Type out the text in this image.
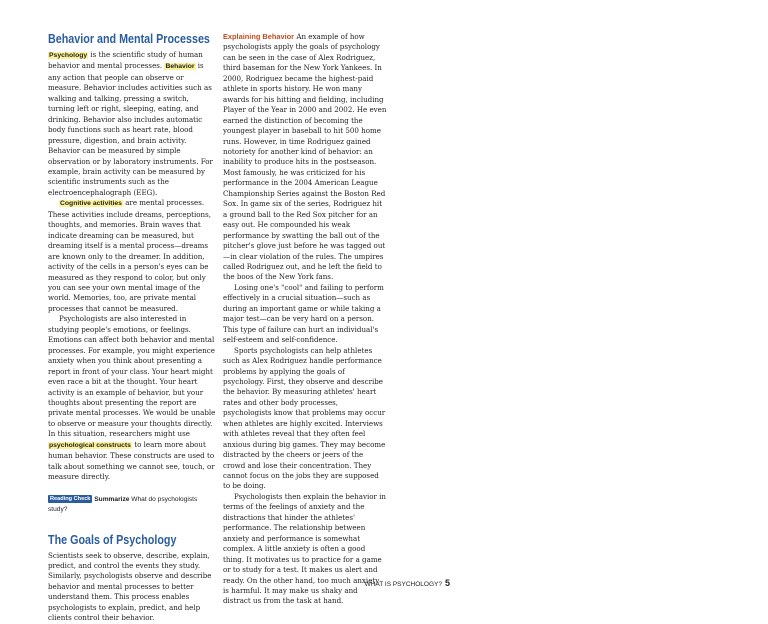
Behavior and Mental Processes

Psychology is the scientific study of human behavior and mental processes. Behavior is any action that people can observe or measure. Behavior includes activities such as walking and talking, pressing a switch, turning left or right, sleeping, eating, and drinking. Behavior also includes automatic body functions such as heart rate, blood pressure, digestion, and brain activity. Behavior can be measured by simple observation or by laboratory instruments. For example, brain activity can be measured by scientific instruments such as the electroencephalograph (EEG).

Cognitive activities are mental processes. These activities include dreams, perceptions, thoughts, and memories. Brain waves that indicate dreaming can be measured, but dreaming itself is a mental process—dreams are known only to the dreamer. In addition, activity of the cells in a person's eyes can be measured as they respond to color, but only you can see your own mental image of the world. Memories, too, are private mental processes that cannot be measured.

Psychologists are also interested in studying people's emotions, or feelings. Emotions can affect both behavior and mental processes. For example, you might experience anxiety when you think about presenting a report in front of your class. Your heart might even race a bit at the thought. Your heart activity is an example of behavior, but your thoughts about presenting the report are private mental processes. We would be unable to observe or measure your thoughts directly. In this situation, researchers might use psychological constructs to learn more about human behavior. These constructs are used to talk about something we cannot see, touch, or measure directly.

Reading Check Summarize What do psychologists study?
The Goals of Psychology

Scientists seek to observe, describe, explain, predict, and control the events they study. Similarly, psychologists observe and describe behavior and mental processes to better understand them. This process enables psychologists to explain, predict, and help clients control their behavior.

Explaining Behavior An example of how psychologists apply the goals of psychology can be seen in the case of Alex Rodriguez, third baseman for the New York Yankees. In 2000, Rodriguez became the highest-paid athlete in sports history. He won many awards for his hitting and fielding, including Player of the Year in 2000 and 2002. He even earned the distinction of becoming the youngest player in baseball to hit 500 home runs. However, in time Rodriguez gained notoriety for another kind of behavior: an inability to produce hits in the postseason. Most famously, he was criticized for his performance in the 2004 American League Championship Series against the Boston Red Sox. In game six of the series, Rodriguez hit a ground ball to the Red Sox pitcher for an easy out. He compounded his weak performance by swatting the ball out of the pitcher's glove just before he was tagged out—in clear violation of the rules. The umpires called Rodriguez out, and he left the field to the boos of the New York fans.

Losing one's "cool" and failing to perform effectively in a crucial situation—such as during an important game or while taking a major test—can be very hard on a person. This type of failure can hurt an individual's self-esteem and self-confidence.

Sports psychologists can help athletes such as Alex Rodriguez handle performance problems by applying the goals of psychology. First, they observe and describe the behavior. By measuring athletes' heart rates and other body processes, psychologists know that problems may occur when athletes are highly excited. Interviews with athletes reveal that they often feel anxious during big games. They may become distracted by the cheers or jeers of the crowd and lose their concentration. They cannot focus on the jobs they are supposed to be doing.

Psychologists then explain the behavior in terms of the feelings of anxiety and the distractions that hinder the athletes' performance. The relationship between anxiety and performance is somewhat complex. A little anxiety is often a good thing. It motivates us to practice for a game or to study for a test. It makes us alert and ready. On the other hand, too much anxiety is harmful. It may make us shaky and distract us from the task at hand.

WHAT IS PSYCHOLOGY? 5
